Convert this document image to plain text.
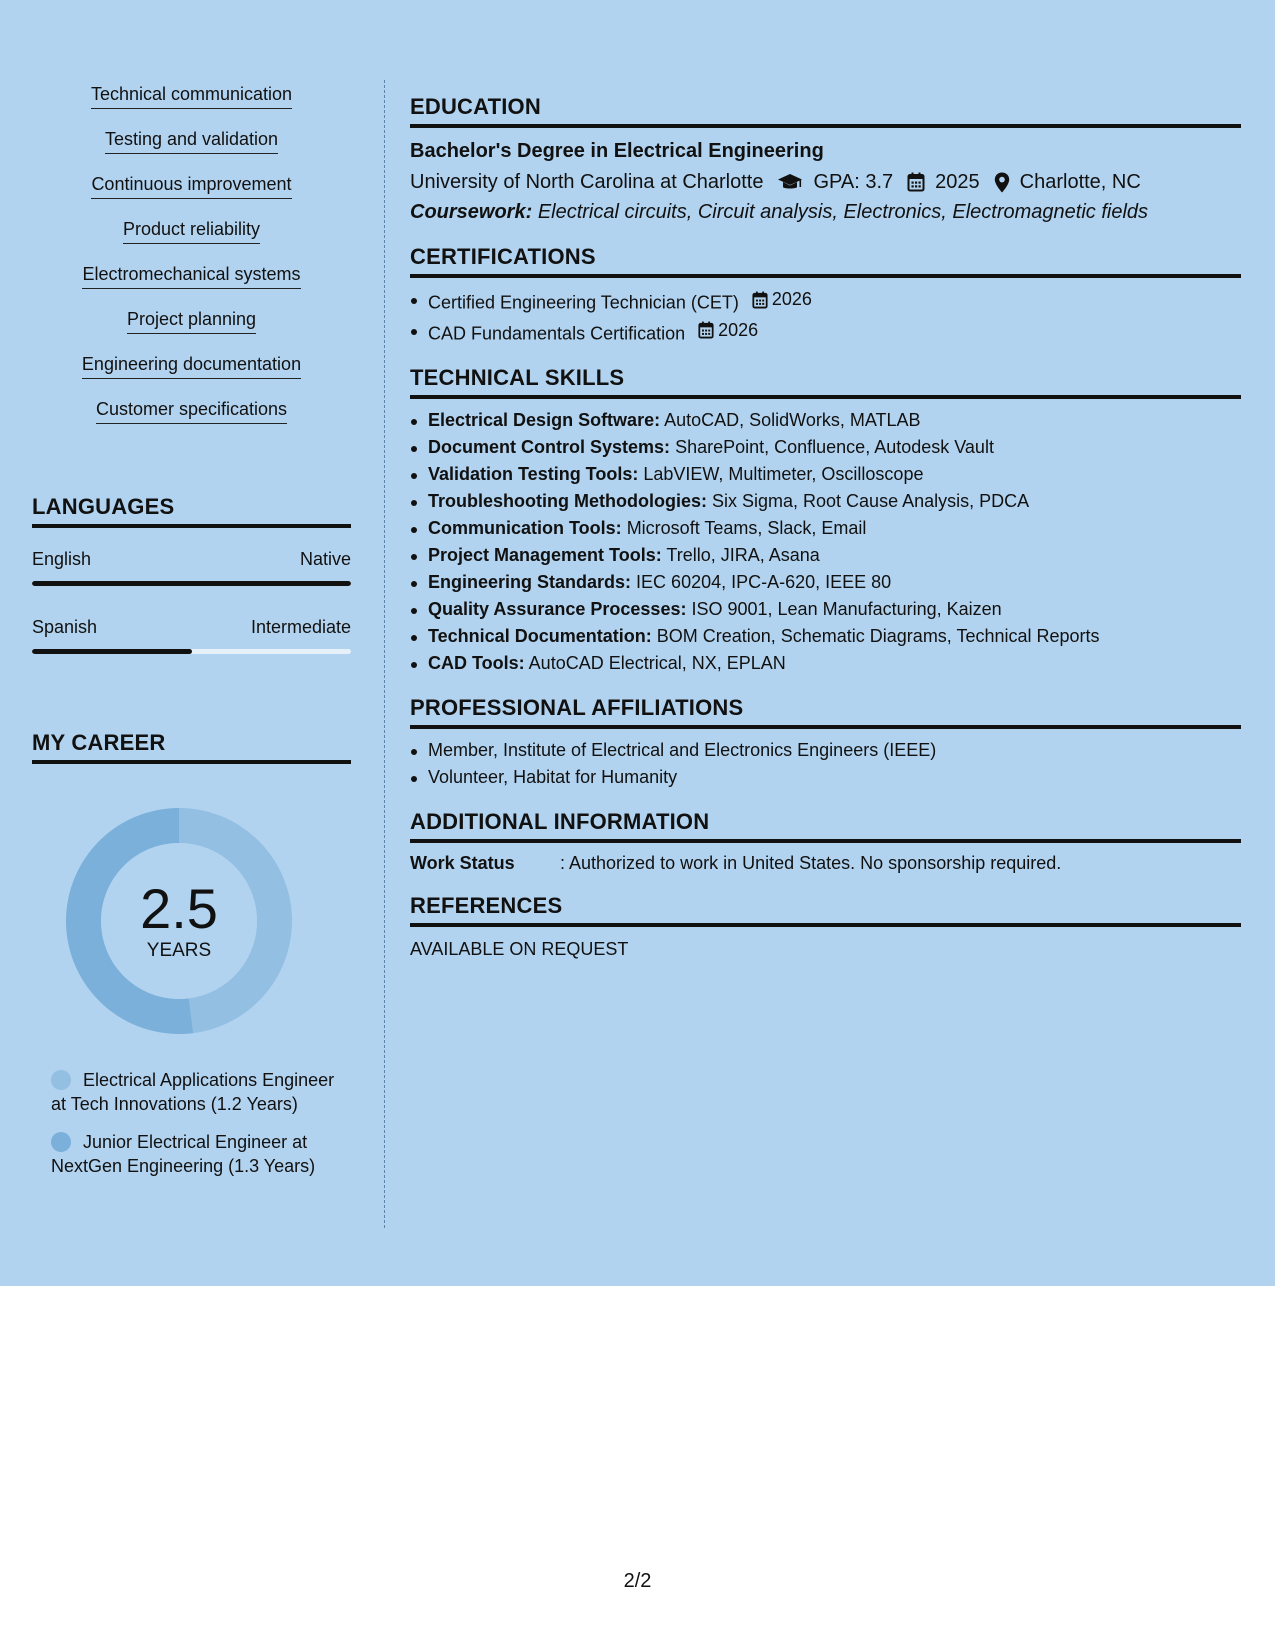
Technical communication
Testing and validation
Continuous improvement
Product reliability
Electromechanical systems
Project planning
Engineering documentation
Customer specifications
LANGUAGES
English	Native
Spanish	Intermediate
MY CAREER
2.5
YEARS
Electrical Applications Engineer at Tech Innovations (1.2 Years)
Junior Electrical Engineer at NextGen Engineering (1.3 Years)
EDUCATION
Bachelor's Degree in Electrical Engineering
University of North Carolina at Charlotte	GPA: 3.7 2025 Charlotte, NC
Coursework: Electrical circuits, Circuit analysis, Electronics, Electromagnetic fields
CERTIFICATIONS
Certified Engineering Technician (CET) 2026
CAD Fundamentals Certification 2026
TECHNICAL SKILLS
Electrical Design Software: AutoCAD, SolidWorks, MATLAB
Document Control Systems: SharePoint, Confluence, Autodesk Vault
Validation Testing Tools: LabVIEW, Multimeter, Oscilloscope
Troubleshooting Methodologies: Six Sigma, Root Cause Analysis, PDCA
Communication Tools: Microsoft Teams, Slack, Email
Project Management Tools: Trello, JIRA, Asana
Engineering Standards: IEC 60204, IPC-A-620, IEEE 80
Quality Assurance Processes: ISO 9001, Lean Manufacturing, Kaizen
Technical Documentation: BOM Creation, Schematic Diagrams, Technical Reports
CAD Tools: AutoCAD Electrical, NX, EPLAN
PROFESSIONAL AFFILIATIONS
Member, Institute of Electrical and Electronics Engineers (IEEE)
Volunteer, Habitat for Humanity
ADDITIONAL INFORMATION
Work Status	: Authorized to work in United States. No sponsorship required.
REFERENCES
AVAILABLE ON REQUEST
2/2
